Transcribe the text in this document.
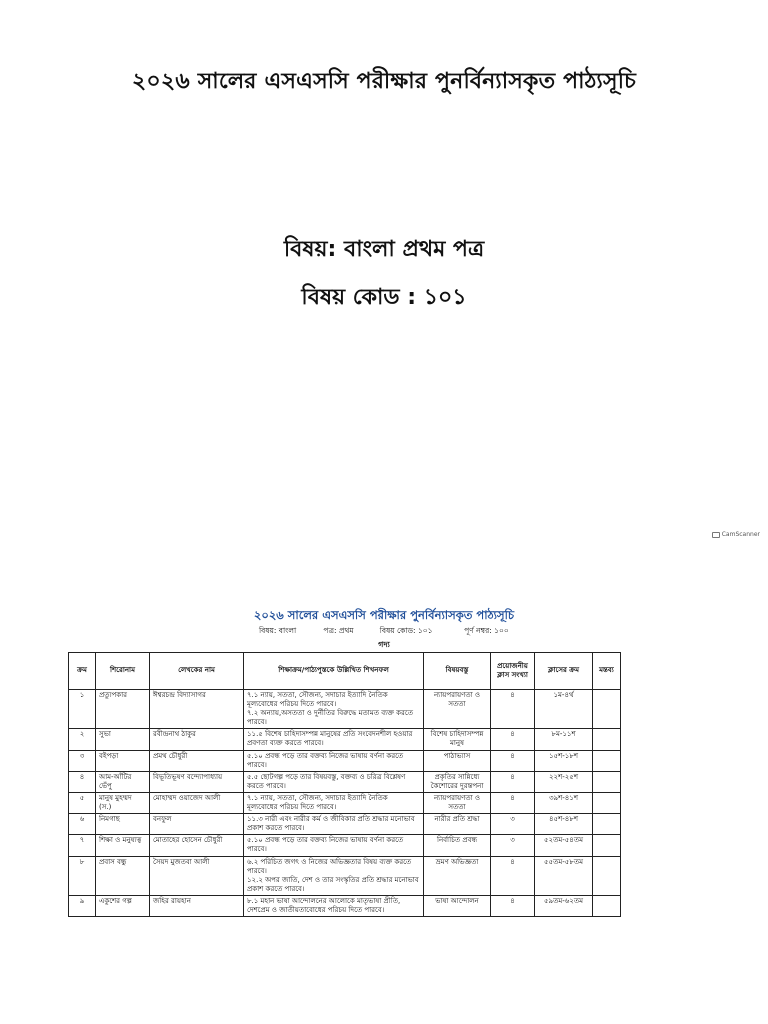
২০২৬ সালের এসএসসি পরীক্ষার পুনর্বিন্যাসকৃত পাঠ্যসূচি
বিষয়: বাংলা প্রথম পত্র
বিষয় কোড : ১০১
CamScanner
২০২৬ সালের এসএসসি পরীক্ষার পুনর্বিন্যাসকৃত পাঠ্যসূচি
বিষয়: বাংলা	পত্র: প্রথম	বিষয় কোড: ১০১	পূর্ণ নম্বর: ১০০
গদ্য
ক্রম	শিরোনাম	লেখকের নাম	শিক্ষাক্রম/পাঠ্যপুস্তকে উল্লিখিত শিখনফল	বিষয়বস্তু	প্রয়োজনীয় ক্লাস সংখ্যা	ক্লাসের ক্রম	মন্তব্য
১	প্রত্যুপকার	ঈশ্বরচন্দ্র বিদ্যাসাগর	৭.১ ন্যায়, সততা, সৌজন্য, সদাচার ইত্যাদি নৈতিক মূল্যবোধের পরিচয় দিতে পারবে।
৭.২ অন্যায়,অসততা ও দুর্নীতির বিরুদ্ধে মতামত ব্যক্ত করতে পারবে।	ন্যায়পরায়ণতা ও সততা	৪	১ম-৪র্থ	
২	সুভা	রবীন্দ্রনাথ ঠাকুর	১১.৫ বিশেষ চাহিদাসম্পন্ন মানুষের প্রতি সংবেদনশীল হওয়ার প্রবণতা ব্যক্ত করতে পারবে।	বিশেষ চাহিদাসম্পন্ন মানুষ	৪	৮ম-১১শ	
৩	বইপড়া	প্রমথ চৌধুরী	৫.১০ প্রবন্ধ পড়ে তার বক্তব্য নিজের ভাষায় বর্ণনা করতে পারবে।	পাঠাভ্যাস	৪	১৫শ-১৮শ	
৪	আম-আঁটির ভেঁপু	বিভূতিভূষণ বন্দ্যোপাধ্যায়	৫.৫ ছোটগল্প পড়ে তার বিষয়বস্তু, বক্তব্য ও চরিত্র বিশ্লেষণ করতে পারবে।	প্রকৃতির সান্নিধ্যে কৈশোরের দুরন্তপনা	৪	২২শ-২৫শ	
৫	মানুষ মুহম্মদ (স.)	মোহাম্মদ ওয়াজেদ আলী	৭.১ ন্যায়, সততা, সৌজন্য, সদাচার ইত্যাদি নৈতিক মূল্যবোধের পরিচয় দিতে পারবে।	ন্যায়পরায়ণতা ও সততা	৪	৩৯শ-৪১শ	
৬	নিমগাছ	বনফুল	১১.৩ নারী এবং নারীর কর্ম ও জীবিকার প্রতি শ্রদ্ধার মনোভাব প্রকাশ করতে পারবে।	নারীর প্রতি শ্রদ্ধা	৩	৪৫শ-৪৮শ	
৭	শিক্ষা ও মনুষ্যত্ব	মোতাহের হোসেন চৌধুরী	৫.১০ প্রবন্ধ পড়ে তার বক্তব্য নিজের ভাষায় বর্ণনা করতে পারবে।	নির্বাচিত প্রবন্ধ	৩	৫২তম-৫৪তম	
৮	প্রবাস বন্ধু	সৈয়দ মুজতবা আলী	৬.২ পরিচিত জগৎ ও নিজের অভিজ্ঞতার বিষয় ব্যক্ত করতে পারবে।
১২.২ অপর জাতি, দেশ ও তার সংস্কৃতির প্রতি শ্রদ্ধার মনোভাব প্রকাশ করতে পারবে।	ভ্রমণ অভিজ্ঞতা	৪	৫৫তম-৫৮তম	
৯	একুশের গল্প	জহির রায়হান	৮.১ মহান ভাষা আন্দোলনের আলোকে মাতৃভাষা প্রীতি, দেশপ্রেম ও জাতীয়তাবোধের পরিচয় দিতে পারবে।	ভাষা আন্দোলন	৪	৫৯তম-৬২তম	
